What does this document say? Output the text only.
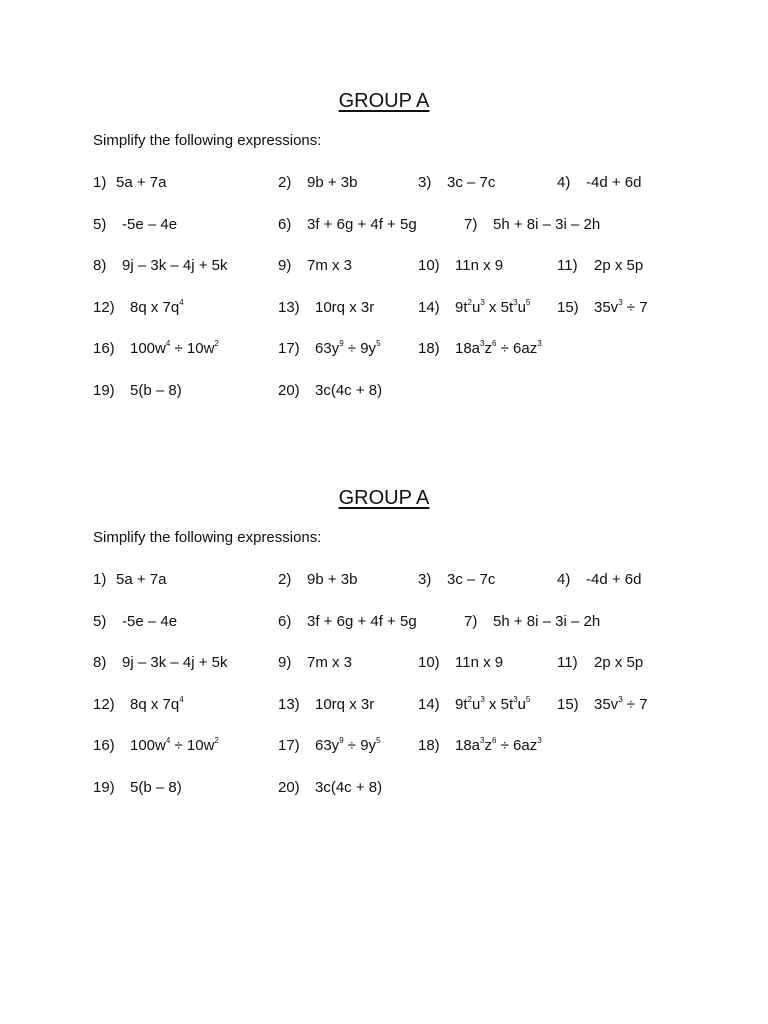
GROUP A
Simplify the following expressions:
1) 5a + 7a	2) 9b + 3b	3) 3c – 7c	4) -4d + 6d
5) -5e – 4e	6) 3f + 6g + 4f + 5g	7) 5h + 8i – 3i – 2h
8) 9j – 3k – 4j + 5k	9) 7m x 3	10) 11n x 9	11) 2p x 5p
12) 8q x $7q^4$	13) 10rq x 3r	14) $9t^2u^3$ x $5t^3u^5$ 15) $35v^3 \div 7$
16) $100w^4 \div 10w^2$	17) $63y^9 \div 9y^5$ 18) $18a^3z^6 \div 6az^3$
19) 5(b – 8)	20) 3c(4c + 8)
GROUP A
Simplify the following expressions:
1) 5a + 7a	2) 9b + 3b	3) 3c – 7c	4) -4d + 6d
5) -5e – 4e	6) 3f + 6g + 4f + 5g	7) 5h + 8i – 3i – 2h
8) 9j – 3k – 4j + 5k	9) 7m x 3	10) 11n x 9	11) 2p x 5p
12) 8q x $7q^4$	13) 10rq x 3r	14) $9t^2u^3$ x $5t^3u^5$ 15) $35v^3 \div 7$
16) $100w^4 \div 10w^2$	17) $63y^9 \div 9y^5$ 18) $18a^3z^6 \div 6az^3$
19) 5(b – 8)	20) 3c(4c + 8)
